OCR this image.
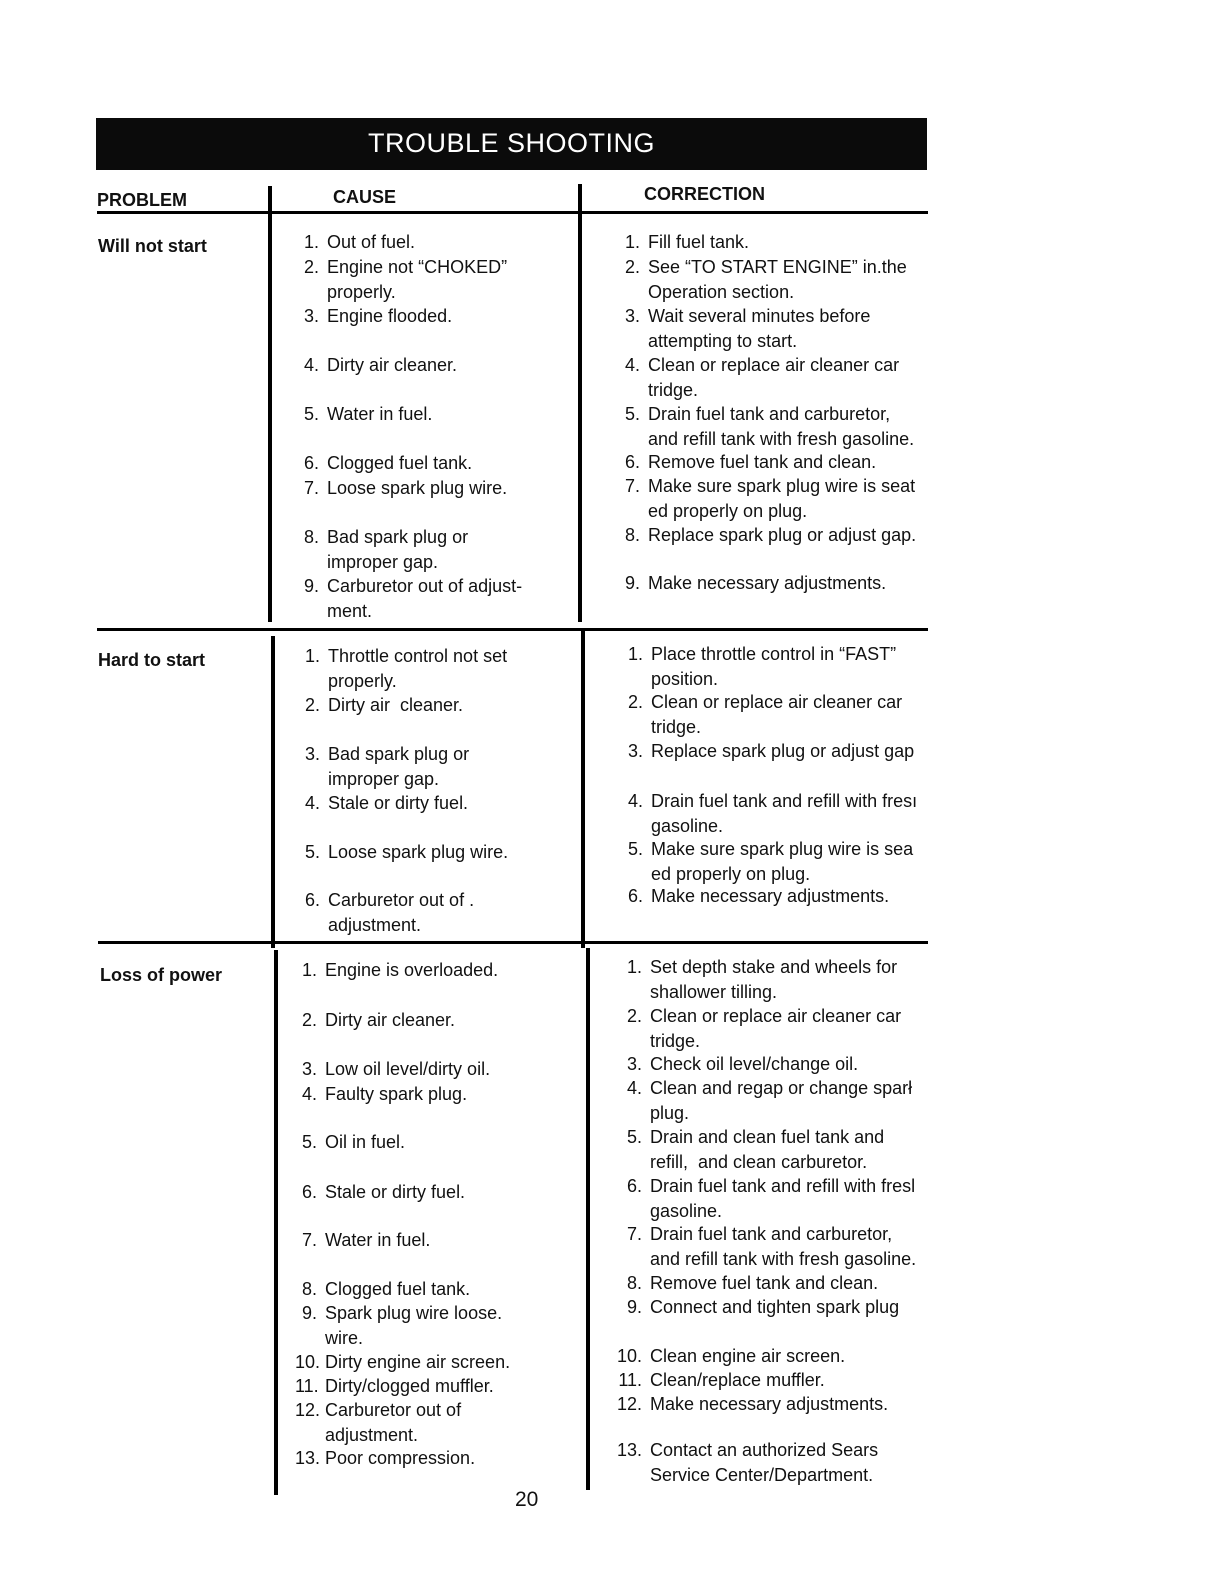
TROUBLE SHOOTING
PROBLEM	CAUSE	CORRECTION
Will not start
Hard to start
Loss of power
1. Out of fuel.
2. Engine not “CHOKED”
properly.
3. Engine flooded.
4. Dirty air cleaner.
5. Water in fuel.
6. Clogged fuel tank.
7. Loose spark plug wire.
8. Bad spark plug or
improper gap.
9. Carburetor out of adjust-
ment.
1. Fill fuel tank.
2. See “TO START ENGINE” in.the
Operation section.
3. Wait several minutes before
attempting to start.
4. Clean or replace air cleaner car
tridge.
5. Drain fuel tank and carburetor,
and refill tank with fresh gasoline.
6. Remove fuel tank and clean.
7. Make sure spark plug wire is seat
ed properly on plug.
8. Replace spark plug or adjust gap.
9. Make necessary adjustments.
1. Throttle control not set
properly.
2. Dirty air  cleaner.
3. Bad spark plug or
improper gap.
4. Stale or dirty fuel.
5. Loose spark plug wire.
6. Carburetor out of .
adjustment.
1. Place throttle control in “FAST”
position.
2. Clean or replace air cleaner car
tridge.
3. Replace spark plug or adjust gap
4. Drain fuel tank and refill with fresı
gasoline.
5. Make sure spark plug wire is sea
ed properly on plug.
6. Make necessary adjustments.
1. Engine is overloaded.
2. Dirty air cleaner.
3. Low oil level/dirty oil.
4. Faulty spark plug.
5. Oil in fuel.
6. Stale or dirty fuel.
7. Water in fuel.
8. Clogged fuel tank.
9. Spark plug wire loose.
wire.
10. Dirty engine air screen.
11. Dirty/clogged muffler.
12. Carburetor out of
adjustment.
13. Poor compression.
1. Set depth stake and wheels for
shallower tilling.
2. Clean or replace air cleaner car
tridge.
3. Check oil level/change oil.
4. Clean and regap or change sparł
plug.
5. Drain and clean fuel tank and
refill,  and clean carburetor.
6. Drain fuel tank and refill with fresl
gasoline.
7. Drain fuel tank and carburetor,
and refill tank with fresh gasoline.
8. Remove fuel tank and clean.
9. Connect and tighten spark plug
10. Clean engine air screen.
11. Clean/replace muffler.
12. Make necessary adjustments.
13. Contact an authorized Sears
Service Center/Department.
20
